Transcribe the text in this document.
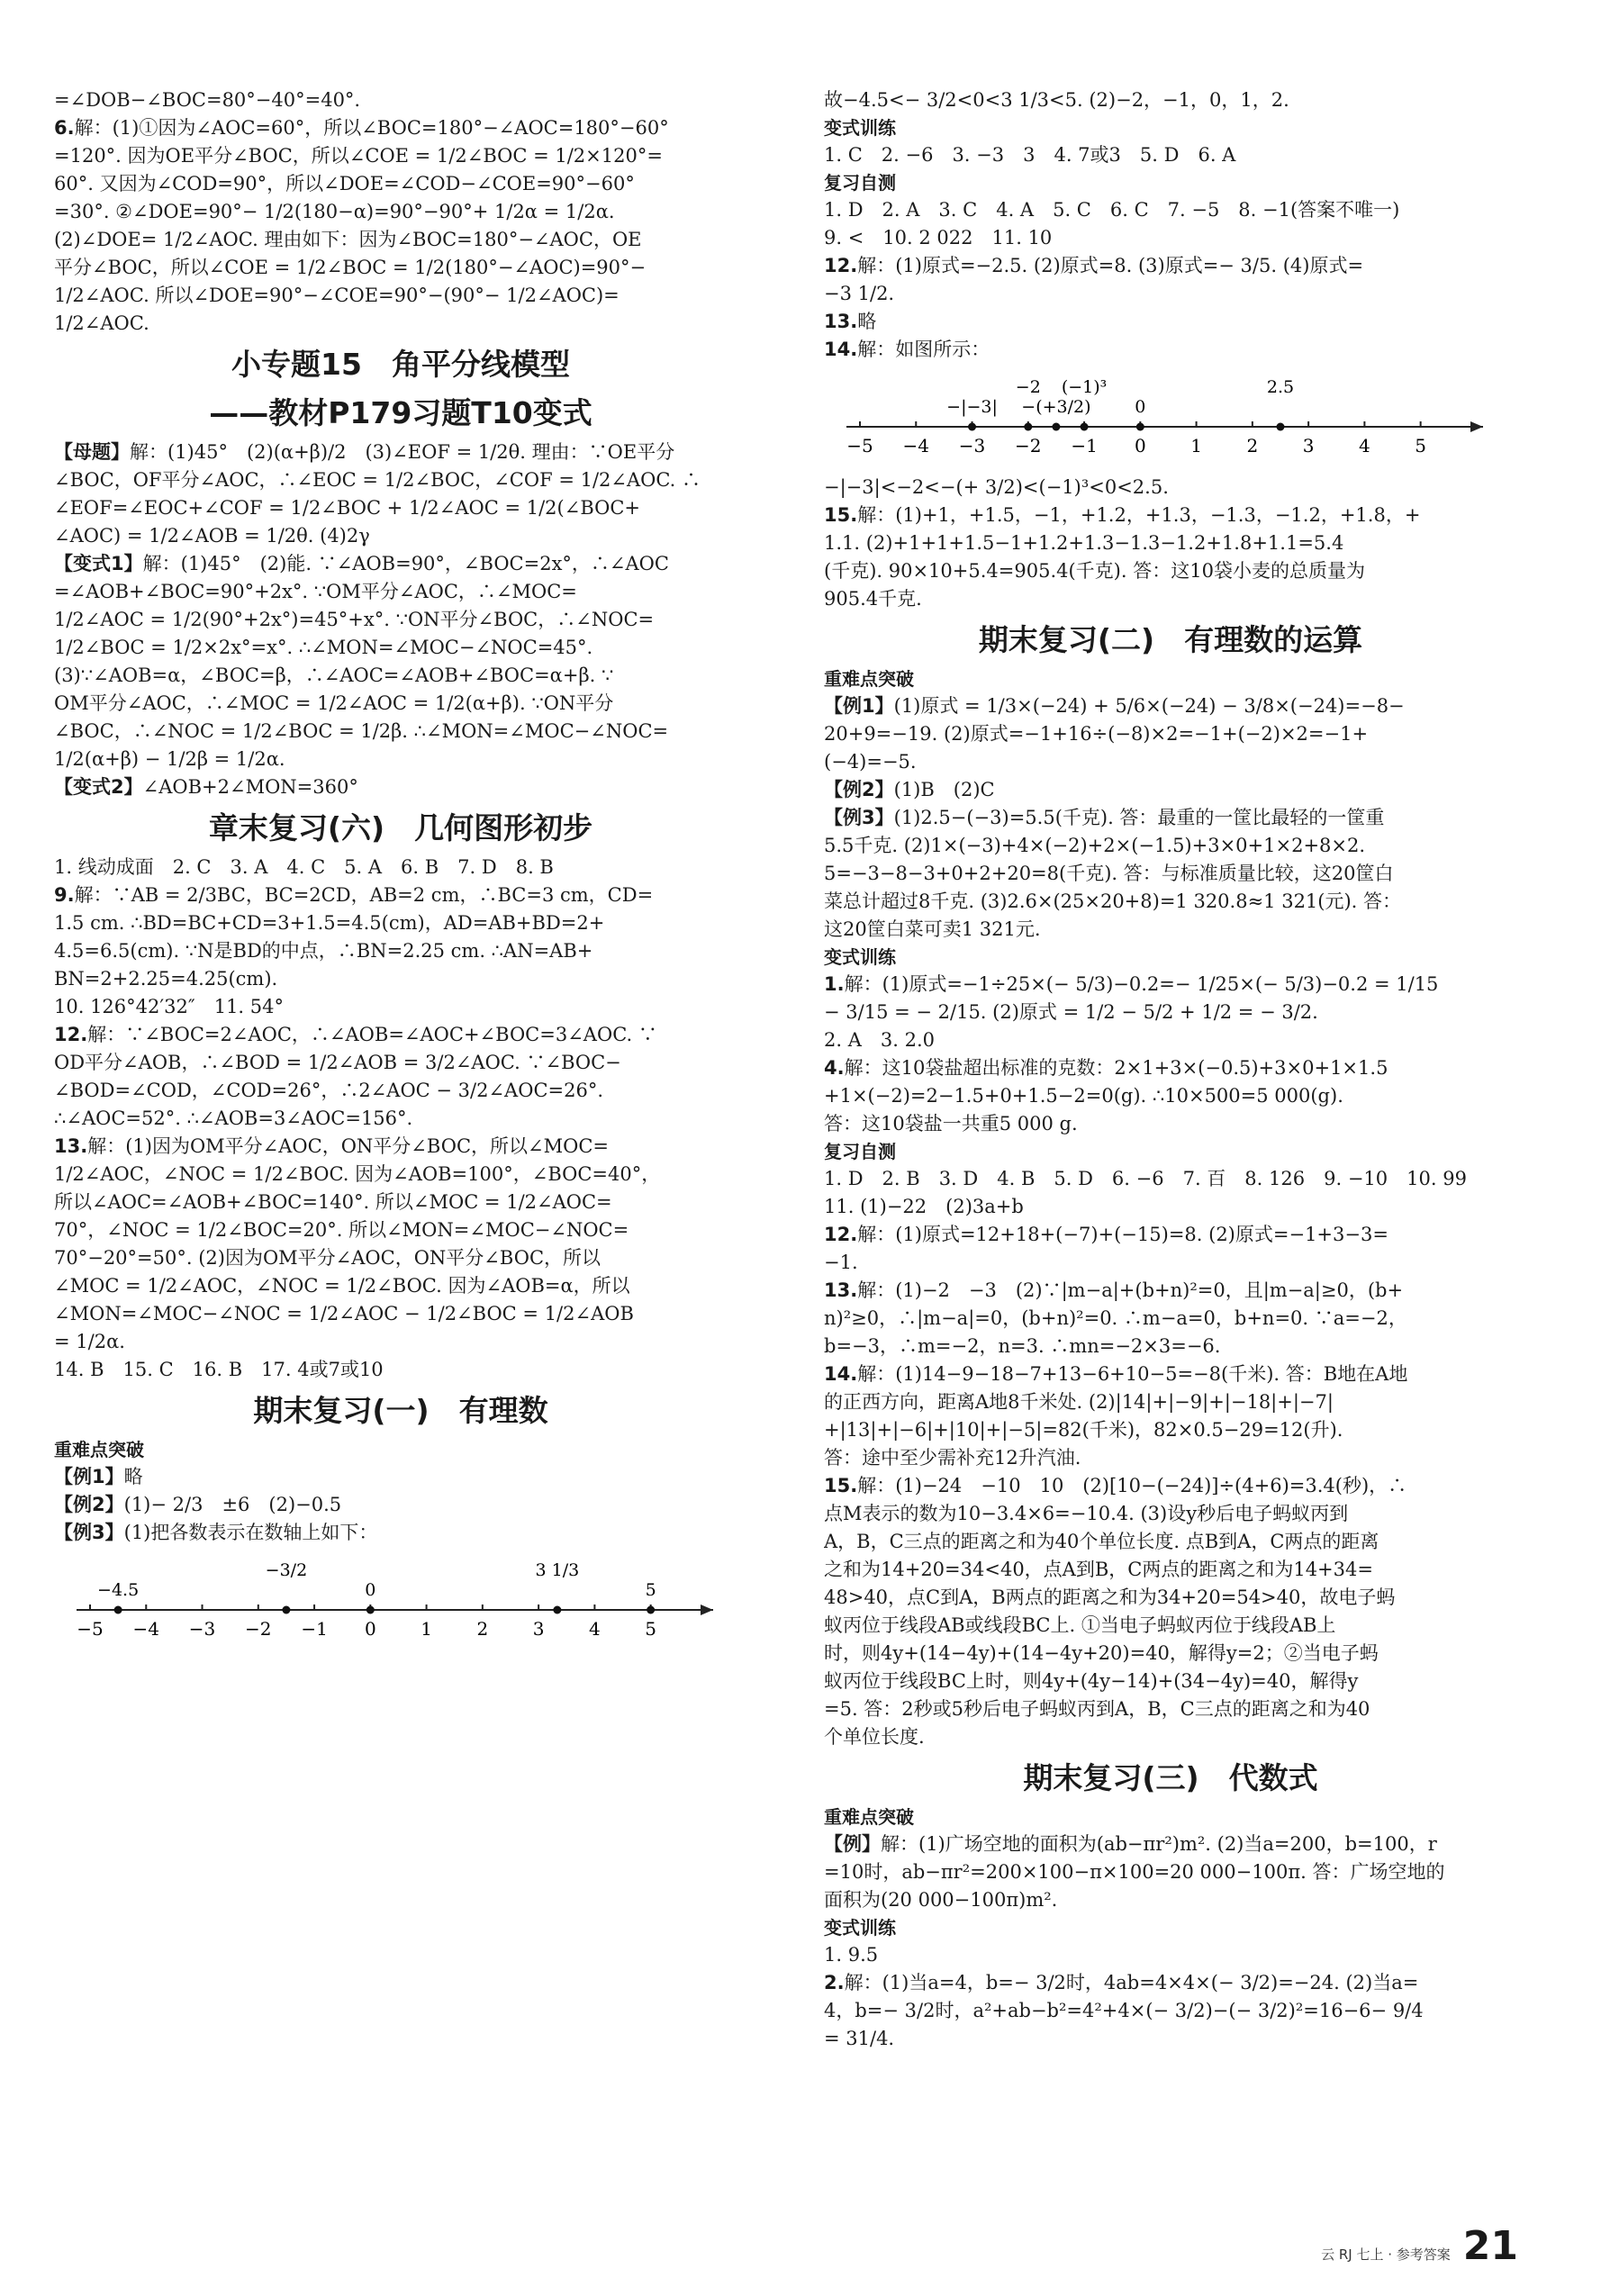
=∠DOB−∠BOC=80°−40°=40°.
6.解：(1)①因为∠AOC=60°，所以∠BOC=180°−∠AOC=180°−60°
=120°. 因为OE平分∠BOC，所以∠COE = 1/2∠BOC = 1/2×120°=
60°. 又因为∠COD=90°，所以∠DOE=∠COD−∠COE=90°−60°
=30°. ②∠DOE=90°− 1/2(180−α)=90°−90°+ 1/2α = 1/2α.
(2)∠DOE= 1/2∠AOC. 理由如下：因为∠BOC=180°−∠AOC，OE
平分∠BOC，所以∠COE = 1/2∠BOC = 1/2(180°−∠AOC)=90°−
1/2∠AOC. 所以∠DOE=90°−∠COE=90°−(90°− 1/2∠AOC)=
1/2∠AOC.
小专题15　角平分线模型
——教材P179习题T10变式
【母题】解：(1)45°　(2)(α+β)/2　(3)∠EOF = 1/2θ. 理由：∵OE平分
∠BOC，OF平分∠AOC，∴∠EOC = 1/2∠BOC，∠COF = 1/2∠AOC. ∴
∠EOF=∠EOC+∠COF = 1/2∠BOC + 1/2∠AOC = 1/2(∠BOC+
∠AOC) = 1/2∠AOB = 1/2θ. (4)2γ
【变式1】解：(1)45°　(2)能. ∵∠AOB=90°，∠BOC=2x°，∴∠AOC
=∠AOB+∠BOC=90°+2x°. ∵OM平分∠AOC，∴∠MOC=
1/2∠AOC = 1/2(90°+2x°)=45°+x°. ∵ON平分∠BOC，∴∠NOC=
1/2∠BOC = 1/2×2x°=x°. ∴∠MON=∠MOC−∠NOC=45°.
(3)∵∠AOB=α，∠BOC=β，∴∠AOC=∠AOB+∠BOC=α+β. ∵
OM平分∠AOC，∴∠MOC = 1/2∠AOC = 1/2(α+β). ∵ON平分
∠BOC，∴∠NOC = 1/2∠BOC = 1/2β. ∴∠MON=∠MOC−∠NOC=
1/2(α+β) − 1/2β = 1/2α.
【变式2】∠AOB+2∠MON=360°
章末复习(六)　几何图形初步
1. 线动成面　2. C　3. A　4. C　5. A　6. B　7. D　8. B
9.解：∵AB = 2/3BC，BC=2CD，AB=2 cm，∴BC=3 cm，CD=
1.5 cm. ∴BD=BC+CD=3+1.5=4.5(cm)，AD=AB+BD=2+
4.5=6.5(cm). ∵N是BD的中点，∴BN=2.25 cm. ∴AN=AB+
BN=2+2.25=4.25(cm).
10. 126°42′32″　11. 54°
12.解：∵∠BOC=2∠AOC，∴∠AOB=∠AOC+∠BOC=3∠AOC. ∵
OD平分∠AOB，∴∠BOD = 1/2∠AOB = 3/2∠AOC. ∵∠BOC−
∠BOD=∠COD，∠COD=26°，∴2∠AOC − 3/2∠AOC=26°.
∴∠AOC=52°. ∴∠AOB=3∠AOC=156°.
13.解：(1)因为OM平分∠AOC，ON平分∠BOC，所以∠MOC=
1/2∠AOC，∠NOC = 1/2∠BOC. 因为∠AOB=100°，∠BOC=40°，
所以∠AOC=∠AOB+∠BOC=140°. 所以∠MOC = 1/2∠AOC=
70°，∠NOC = 1/2∠BOC=20°. 所以∠MON=∠MOC−∠NOC=
70°−20°=50°. (2)因为OM平分∠AOC，ON平分∠BOC，所以
∠MOC = 1/2∠AOC，∠NOC = 1/2∠BOC. 因为∠AOB=α，所以
∠MON=∠MOC−∠NOC = 1/2∠AOC − 1/2∠BOC = 1/2∠AOB
= 1/2α.
14. B　15. C　16. B　17. 4或7或10
期末复习(一)　有理数
重难点突破
【例1】略
【例2】(1)− 2/3　±6　(2)−0.5
【例3】(1)把各数表示在数轴上如下：
−5 −4 −3 −2 −1 0 1 2 3 4 5
−4.5
−3/2
0
3 1/3
5
故−4.5<− 3/2<0<3 1/3<5. (2)−2，−1，0，1，2.
变式训练
1. C　2. −6　3. −3　3　4. 7或3　5. D　6. A
复习自测
1. D　2. A　3. C　4. A　5. C　6. C　7. −5　8. −1(答案不唯一)
9. <　10. 2 022　11. 10
12.解：(1)原式=−2.5. (2)原式=8. (3)原式=− 3/5. (4)原式=
−3 1/2.
13.略
14.解：如图所示：
−5 −4 −3 −2 −1 0 1 2 3 4 5
−|−3|
−2
−(+3/2)
(−1)³
0
2.5
−|−3|<−2<−(+ 3/2)<(−1)³<0<2.5.
15.解：(1)+1，+1.5，−1，+1.2，+1.3，−1.3，−1.2，+1.8，+
1.1. (2)+1+1+1.5−1+1.2+1.3−1.3−1.2+1.8+1.1=5.4
(千克). 90×10+5.4=905.4(千克). 答：这10袋小麦的总质量为
905.4千克.
期末复习(二)　有理数的运算
重难点突破
【例1】(1)原式 = 1/3×(−24) + 5/6×(−24) − 3/8×(−24)=−8−
20+9=−19. (2)原式=−1+16÷(−8)×2=−1+(−2)×2=−1+
(−4)=−5.
【例2】(1)B　(2)C
【例3】(1)2.5−(−3)=5.5(千克). 答：最重的一筐比最轻的一筐重
5.5千克. (2)1×(−3)+4×(−2)+2×(−1.5)+3×0+1×2+8×2.
5=−3−8−3+0+2+20=8(千克). 答：与标准质量比较，这20筐白
菜总计超过8千克. (3)2.6×(25×20+8)=1 320.8≈1 321(元). 答：
这20筐白菜可卖1 321元.
变式训练
1.解：(1)原式=−1÷25×(− 5/3)−0.2=− 1/25×(− 5/3)−0.2 = 1/15
− 3/15 = − 2/15. (2)原式 = 1/2 − 5/2 + 1/2 = − 3/2.
2. A　3. 2.0
4.解：这10袋盐超出标准的克数：2×1+3×(−0.5)+3×0+1×1.5
+1×(−2)=2−1.5+0+1.5−2=0(g). ∴10×500=5 000(g).
答：这10袋盐一共重5 000 g.
复习自测
1. D　2. B　3. D　4. B　5. D　6. −6　7. 百　8. 126　9. −10　10. 99
11. (1)−22　(2)3a+b
12.解：(1)原式=12+18+(−7)+(−15)=8. (2)原式=−1+3−3=
−1.
13.解：(1)−2　−3　(2)∵|m−a|+(b+n)²=0，且|m−a|≥0，(b+
n)²≥0，∴|m−a|=0，(b+n)²=0. ∴m−a=0，b+n=0. ∵a=−2，
b=−3，∴m=−2，n=3. ∴mn=−2×3=−6.
14.解：(1)14−9−18−7+13−6+10−5=−8(千米). 答：B地在A地
的正西方向，距离A地8千米处. (2)|14|+|−9|+|−18|+|−7|
+|13|+|−6|+|10|+|−5|=82(千米)，82×0.5−29=12(升).
答：途中至少需补充12升汽油.
15.解：(1)−24　−10　10　(2)[10−(−24)]÷(4+6)=3.4(秒)，∴
点M表示的数为10−3.4×6=−10.4. (3)设y秒后电子蚂蚁丙到
A，B，C三点的距离之和为40个单位长度. 点B到A，C两点的距离
之和为14+20=34<40，点A到B，C两点的距离之和为14+34=
48>40，点C到A，B两点的距离之和为34+20=54>40，故电子蚂
蚁丙位于线段AB或线段BC上. ①当电子蚂蚁丙位于线段AB上
时，则4y+(14−4y)+(14−4y+20)=40，解得y=2；②当电子蚂
蚁丙位于线段BC上时，则4y+(4y−14)+(34−4y)=40，解得y
=5. 答：2秒或5秒后电子蚂蚁丙到A，B，C三点的距离之和为40
个单位长度.
期末复习(三)　代数式
重难点突破
【例】解：(1)广场空地的面积为(ab−πr²)m². (2)当a=200，b=100，r
=10时，ab−πr²=200×100−π×100=20 000−100π. 答：广场空地的
面积为(20 000−100π)m².
变式训练
1. 9.5
2.解：(1)当a=4，b=− 3/2时，4ab=4×4×(− 3/2)=−24. (2)当a=
4，b=− 3/2时，a²+ab−b²=4²+4×(− 3/2)−(− 3/2)²=16−6− 9/4
= 31/4.
云 RJ 七上 · 参考答案 21
